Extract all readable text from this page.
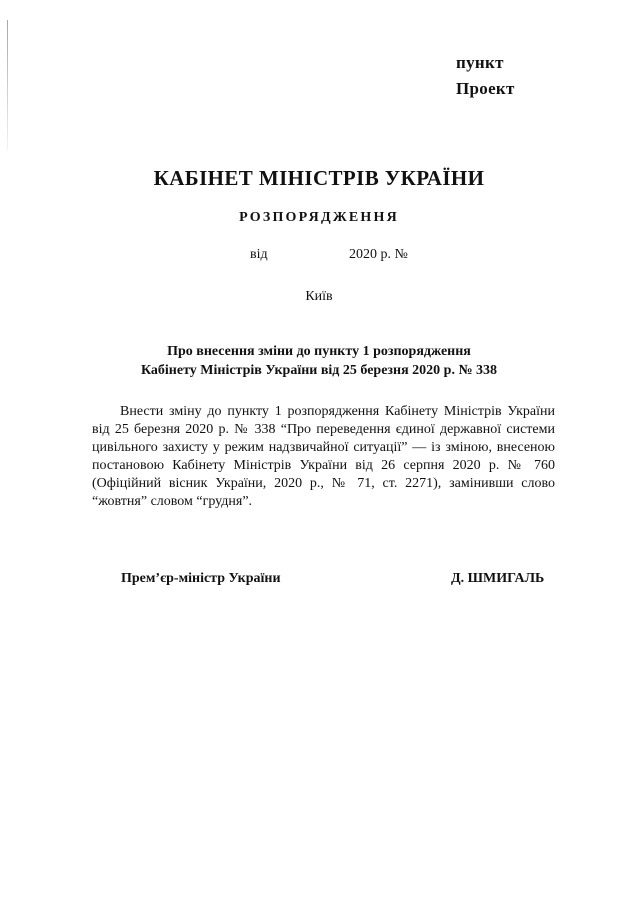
пункт
Проект
КАБІНЕТ МІНІСТРІВ УКРАЇНИ
РОЗПОРЯДЖЕННЯ
від	2020 р. №
Київ
Про внесення зміни до пункту 1 розпорядження
Кабінету Міністрів України від 25 березня 2020 р. № 338
Внести зміну до пункту 1 розпорядження Кабінету Міністрів України
від 25 березня 2020 р. № 338 “Про переведення єдиної державної системи
цивільного захисту у режим надзвичайної ситуації” — із зміною, внесеною
постановою Кабінету Міністрів України від 26 серпня 2020 р. № 760
(Офіційний вісник України, 2020 р., № 71, ст. 2271), замінивши слово
“жовтня” словом “грудня”.
Прем’єр-міністр України	Д. ШМИГАЛЬ
